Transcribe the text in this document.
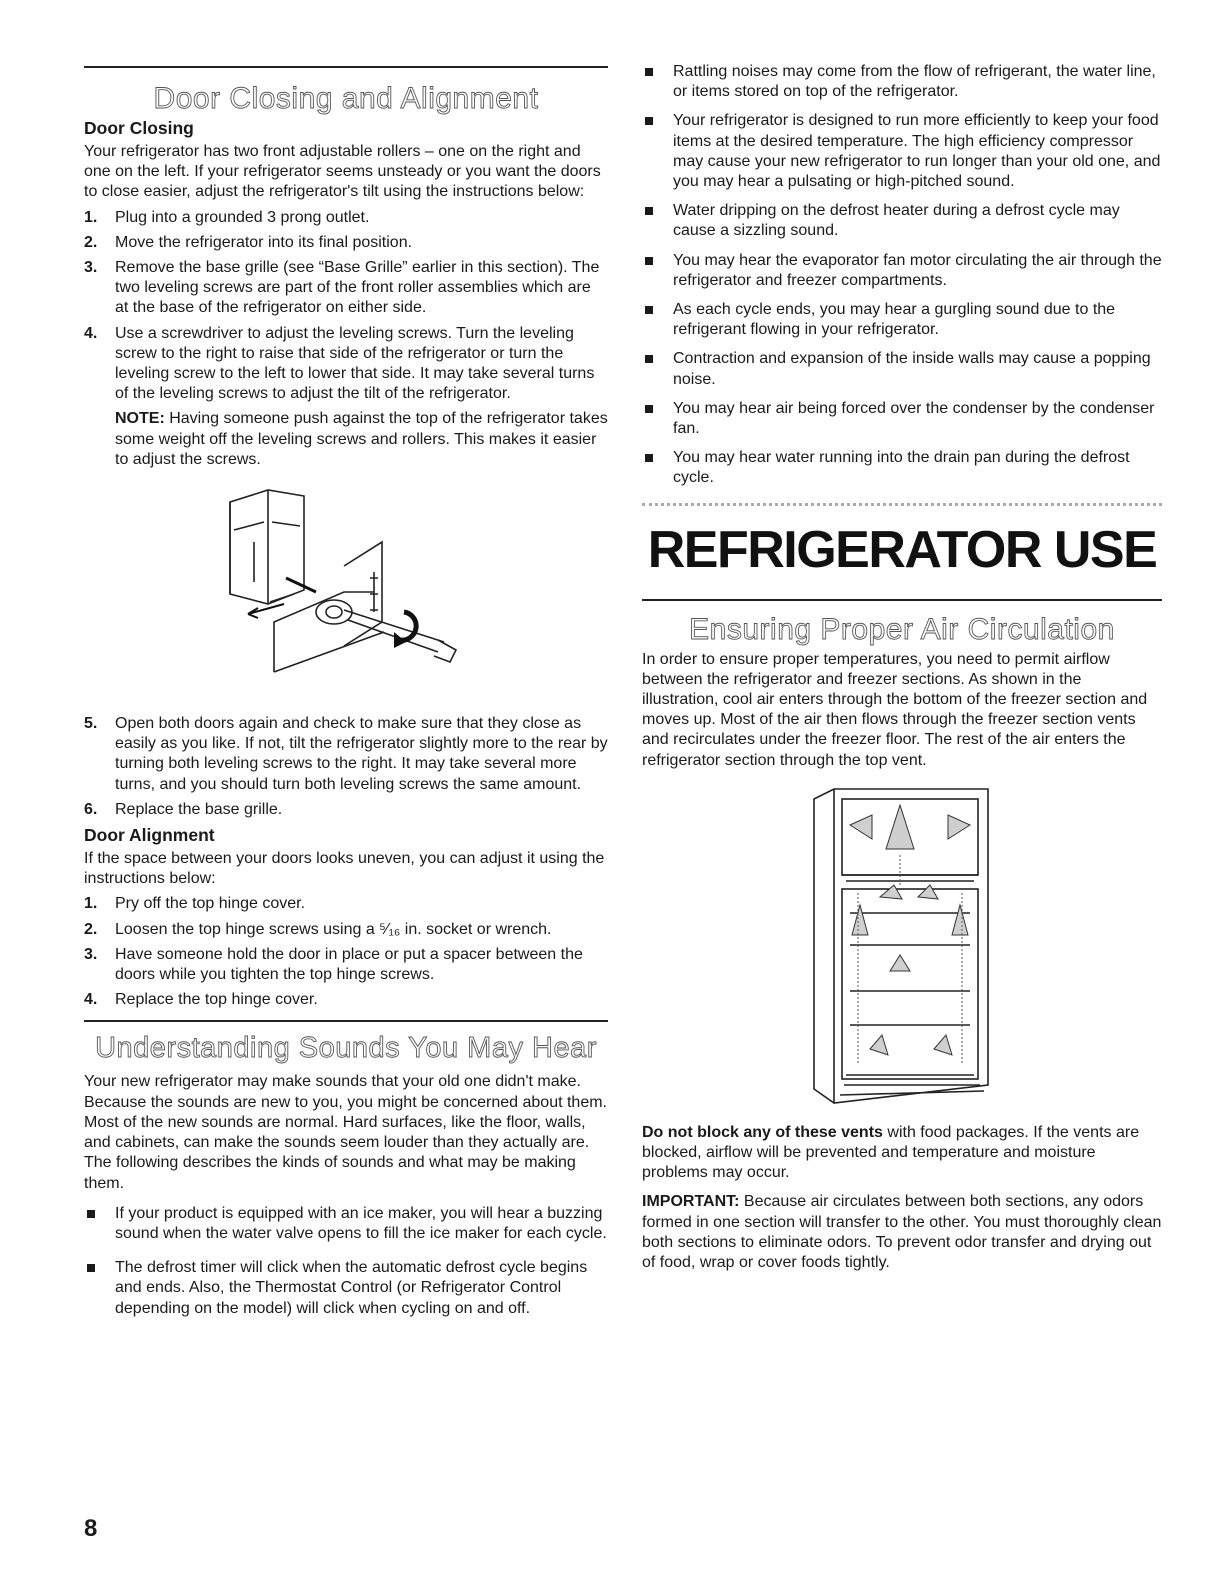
Door Closing and Alignment
Door Closing

Your refrigerator has two front adjustable rollers – one on the right and one on the left. If your refrigerator seems unsteady or you want the doors to close easier, adjust the refrigerator's tilt using the instructions below:

1. Plug into a grounded 3 prong outlet.
2. Move the refrigerator into its final position.
3. Remove the base grille (see “Base Grille” earlier in this section). The two leveling screws are part of the front roller assemblies which are at the base of the refrigerator on either side.
4. Use a screwdriver to adjust the leveling screws. Turn the leveling screw to the right to raise that side of the refrigerator or turn the leveling screw to the left to lower that side. It may take several turns of the leveling screws to adjust the tilt of the refrigerator.
NOTE: Having someone push against the top of the refrigerator takes some weight off the leveling screws and rollers. This makes it easier to adjust the screws.
5. Open both doors again and check to make sure that they close as easily as you like. If not, tilt the refrigerator slightly more to the rear by turning both leveling screws to the right. It may take several more turns, and you should turn both leveling screws the same amount.
6. Replace the base grille.
Door Alignment

If the space between your doors looks uneven, you can adjust it using the instructions below:

1. Pry off the top hinge cover.
2. Loosen the top hinge screws using a ⁵⁄₁₆ in. socket or wrench.
3. Have someone hold the door in place or put a spacer between the doors while you tighten the top hinge screws.
4. Replace the top hinge cover.
Understanding Sounds You May Hear

Your new refrigerator may make sounds that your old one didn't make. Because the sounds are new to you, you might be concerned about them. Most of the new sounds are normal. Hard surfaces, like the floor, walls, and cabinets, can make the sounds seem louder than they actually are. The following describes the kinds of sounds and what may be making them.

If your product is equipped with an ice maker, you will hear a buzzing sound when the water valve opens to fill the ice maker for each cycle.
The defrost timer will click when the automatic defrost cycle begins and ends. Also, the Thermostat Control (or Refrigerator Control depending on the model) will click when cycling on and off.
8
Rattling noises may come from the flow of refrigerant, the water line, or items stored on top of the refrigerator.
Your refrigerator is designed to run more efficiently to keep your food items at the desired temperature. The high efficiency compressor may cause your new refrigerator to run longer than your old one, and you may hear a pulsating or high-pitched sound.
Water dripping on the defrost heater during a defrost cycle may cause a sizzling sound.
You may hear the evaporator fan motor circulating the air through the refrigerator and freezer compartments.
As each cycle ends, you may hear a gurgling sound due to the refrigerant flowing in your refrigerator.
Contraction and expansion of the inside walls may cause a popping noise.
You may hear air being forced over the condenser by the condenser fan.
You may hear water running into the drain pan during the defrost cycle.
REFRIGERATOR USE
Ensuring Proper Air Circulation

In order to ensure proper temperatures, you need to permit airflow between the refrigerator and freezer sections. As shown in the illustration, cool air enters through the bottom of the freezer section and moves up. Most of the air then flows through the freezer section vents and recirculates under the freezer floor. The rest of the air enters the refrigerator section through the top vent.

Do not block any of these vents with food packages. If the vents are blocked, airflow will be prevented and temperature and moisture problems may occur.

IMPORTANT: Because air circulates between both sections, any odors formed in one section will transfer to the other. You must thoroughly clean both sections to eliminate odors. To prevent odor transfer and drying out of food, wrap or cover foods tightly.
